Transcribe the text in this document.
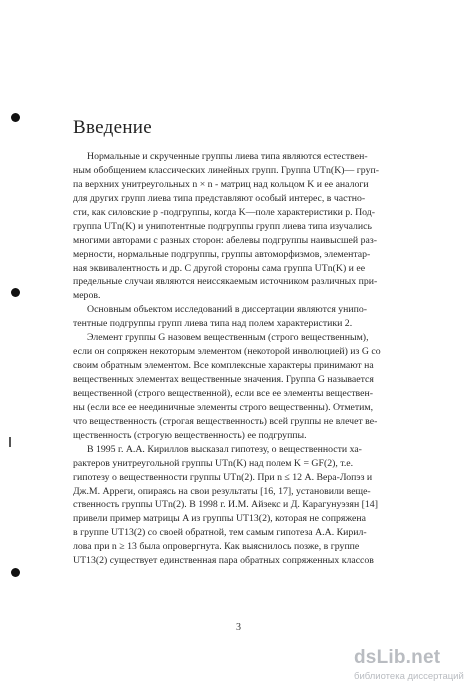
Введение
Нормальные и скрученные группы лиева типа являются естествен-
ным обобщением классических линейных групп. Группа UTn(K)— груп-
па верхних унитреугольных n × n - матриц над кольцом K и ее аналоги
для других групп лиева типа представляют особый интерес, в частно-
сти, как силовские p -подгруппы, когда K—поле характеристики p. Под-
группа UTn(K) и унипотентные подгруппы групп лиева типа изучались
многими авторами с разных сторон: абелевы подгруппы наивысшей раз-
мерности, нормальные подгруппы, группы автоморфизмов, элементар-
ная эквивалентность и др. С другой стороны сама группа UTn(K) и ее
предельные случаи являются неиссякаемым источником различных при-
меров.
Основным объектом исследований в диссертации являются унипо-
тентные подгруппы групп лиева типа над полем характеристики 2.
Элемент группы G назовем вещественным (строго вещественным),
если он сопряжен некоторым элементом (некоторой инволюцией) из G со
своим обратным элементом. Все комплексные характеры принимают на
вещественных элементах вещественные значения. Группа G называется
вещественной (строго вещественной), если все ее элементы веществен-
ны (если все ее неединичные элементы строго вещественны). Отметим,
что вещественность (строгая вещественность) всей группы не влечет ве-
щественность (строгую вещественность) ее подгруппы.
В 1995 г. А.А. Кириллов высказал гипотезу, о вещественности ха-
рактеров унитреугольной группы UTn(K) над полем K = GF(2), т.е.
гипотезу о вещественности группы UTn(2). При n ≤ 12 А. Вера-Лопэз и
Дж.М. Арреги, опираясь на свои результаты [16, 17], установили веще-
ственность группы UTn(2). В 1998 г. И.М. Айзекс и Д. Карагунуэзян [14]
привели пример матрицы A из группы UT13(2), которая не сопряжена
в группе UT13(2) со своей обратной, тем самым гипотеза А.А. Кирил-
лова при n ≥ 13 была опровергнута. Как выяснилось позже, в группе
UT13(2) существует единственная пара обратных сопряженных классов
3
dsLib.net
библиотека диссертаций
